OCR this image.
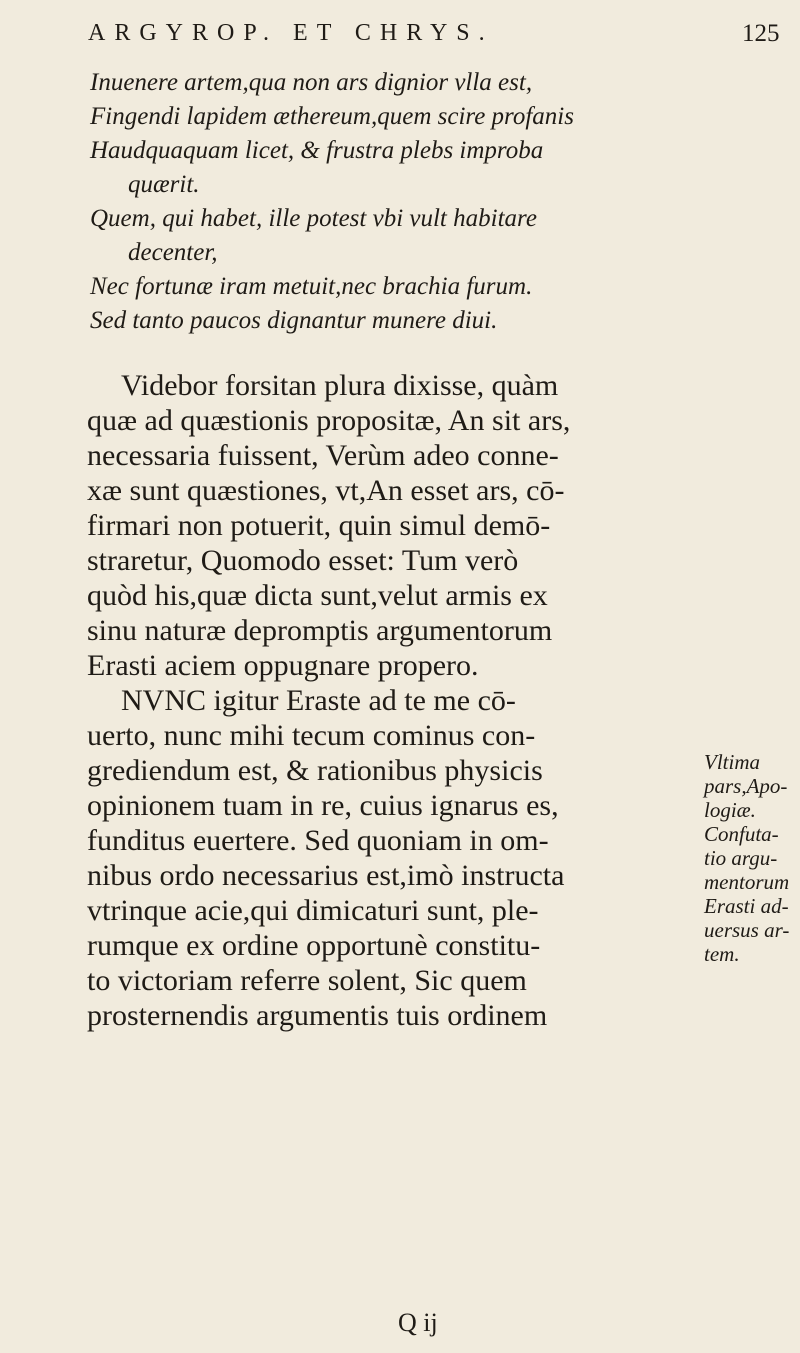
ARGYROP. ET CHRYS.	125
Inuenere artem,qua non ars dignior vlla est,
Fingendi lapidem æthereum,quem scire profanis
Haudquaquam licet, & frustra plebs improba
quærit.
Quem, qui habet, ille potest vbi vult habitare
decenter,
Nec fortunæ iram metuit,nec brachia furum.
Sed tanto paucos dignantur munere diui.
Videbor forsitan plura dixisse, quàm
quæ ad quæstionis propositæ, An sit ars,
necessaria fuissent, Verùm adeo conne-
xæ sunt quæstiones, vt,An esset ars, cō-
firmari non potuerit, quin simul demō-
straretur, Quomodo esset: Tum verò
quòd his,quæ dicta sunt,velut armis ex
sinu naturæ depromptis argumentorum
Erasti aciem oppugnare propero.
NVNC igitur Eraste ad te me cō-
uerto, nunc mihi tecum cominus con-
grediendum est, & rationibus physicis
opinionem tuam in re, cuius ignarus es,
funditus euertere. Sed quoniam in om-
nibus ordo necessarius est,imò instructa
vtrinque acie,qui dimicaturi sunt, ple-
rumque ex ordine opportunè constitu-
to victoriam referre solent, Sic quem
prosternendis argumentis tuis ordinem
Vltima
pars,Apo-
logiæ.
Confuta-
tio argu-
mentorum
Erasti ad-
uersus ar-
tem.
Q ij
